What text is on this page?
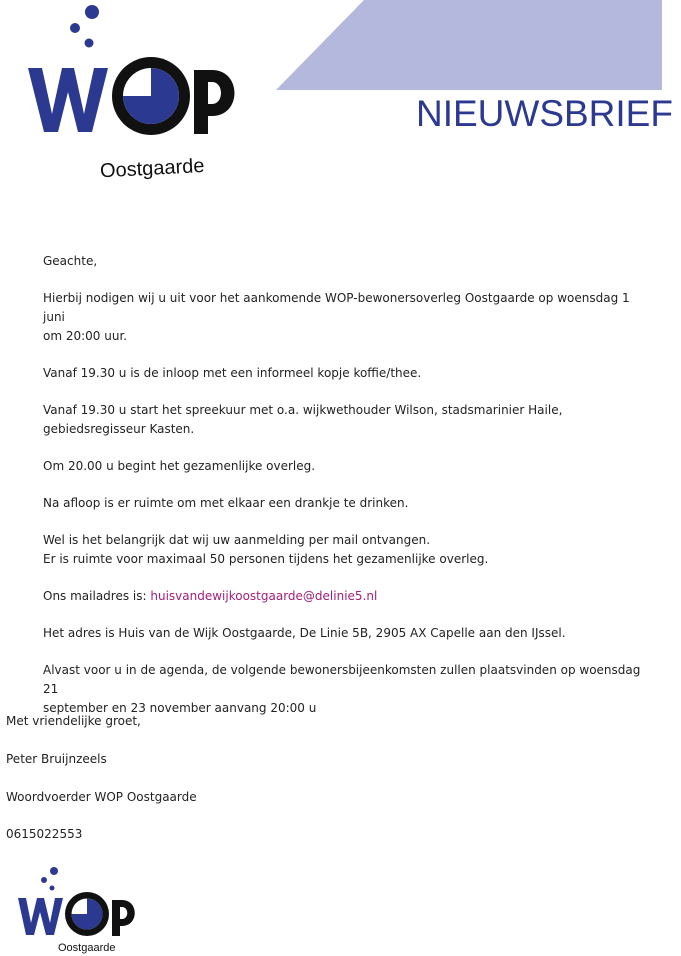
NIEUWSBRIEF
Oostgaarde

Geachte,

Hierbij nodigen wij u uit voor het aankomende WOP-bewonersoverleg Oostgaarde op woensdag 1 juni

om 20:00 uur.

Vanaf 19.30 u is de inloop met een informeel kopje koffie/thee.

Vanaf 19.30 u start het spreekuur met o.a. wijkwethouder Wilson, stadsmarinier Haile,

gebiedsregisseur Kasten.

Om 20.00 u begint het gezamenlijke overleg.

Na afloop is er ruimte om met elkaar een drankje te drinken.

Wel is het belangrijk dat wij uw aanmelding per mail ontvangen.

Er is ruimte voor maximaal 50 personen tijdens het gezamenlijke overleg.

Ons mailadres is: huisvandewijkoostgaarde@delinie5.nl

Het adres is Huis van de Wijk Oostgaarde, De Linie 5B, 2905 AX Capelle aan den IJssel.

Alvast voor u in de agenda, de volgende bewonersbijeenkomsten zullen plaatsvinden op woensdag 21

september en 23 november aanvang 20:00 u

Met vriendelijke groet,

Peter Bruijnzeels

Woordvoerder WOP Oostgaarde

0615022553

Oostgaarde
